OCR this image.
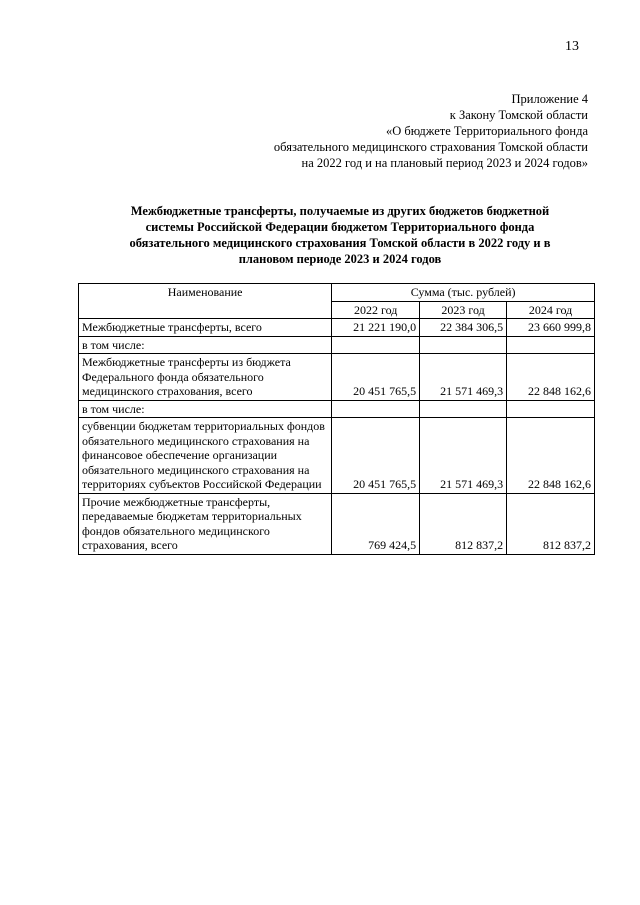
13
Приложение 4
к Закону Томской области
«О бюджете Территориального фонда
обязательного медицинского страхования Томской области
на 2022 год и на плановый период 2023 и 2024 годов»
Межбюджетные трансферты, получаемые из других бюджетов бюджетной
системы Российской Федерации бюджетом Территориального фонда
обязательного медицинского страхования Томской области в 2022 году и в
плановом периоде 2023 и 2024 годов
Наименование	Сумма (тыс. рублей)		
	2022 год	2023 год	2024 год
Межбюджетные трансферты, всего	21 221 190,0	22 384 306,5	23 660 999,8
в том числе:			
Межбюджетные трансферты из бюджета Федерального фонда обязательного медицинского страхования, всего	20 451 765,5	21 571 469,3	22 848 162,6
в том числе:			
субвенции бюджетам территориальных фондов обязательного медицинского страхования на финансовое обеспечение организации обязательного медицинского страхования на территориях субъектов Российской Федерации	20 451 765,5	21 571 469,3	22 848 162,6
Прочие межбюджетные трансферты, передаваемые бюджетам территориальных фондов обязательного медицинского страхования, всего	769 424,5	812 837,2	812 837,2
